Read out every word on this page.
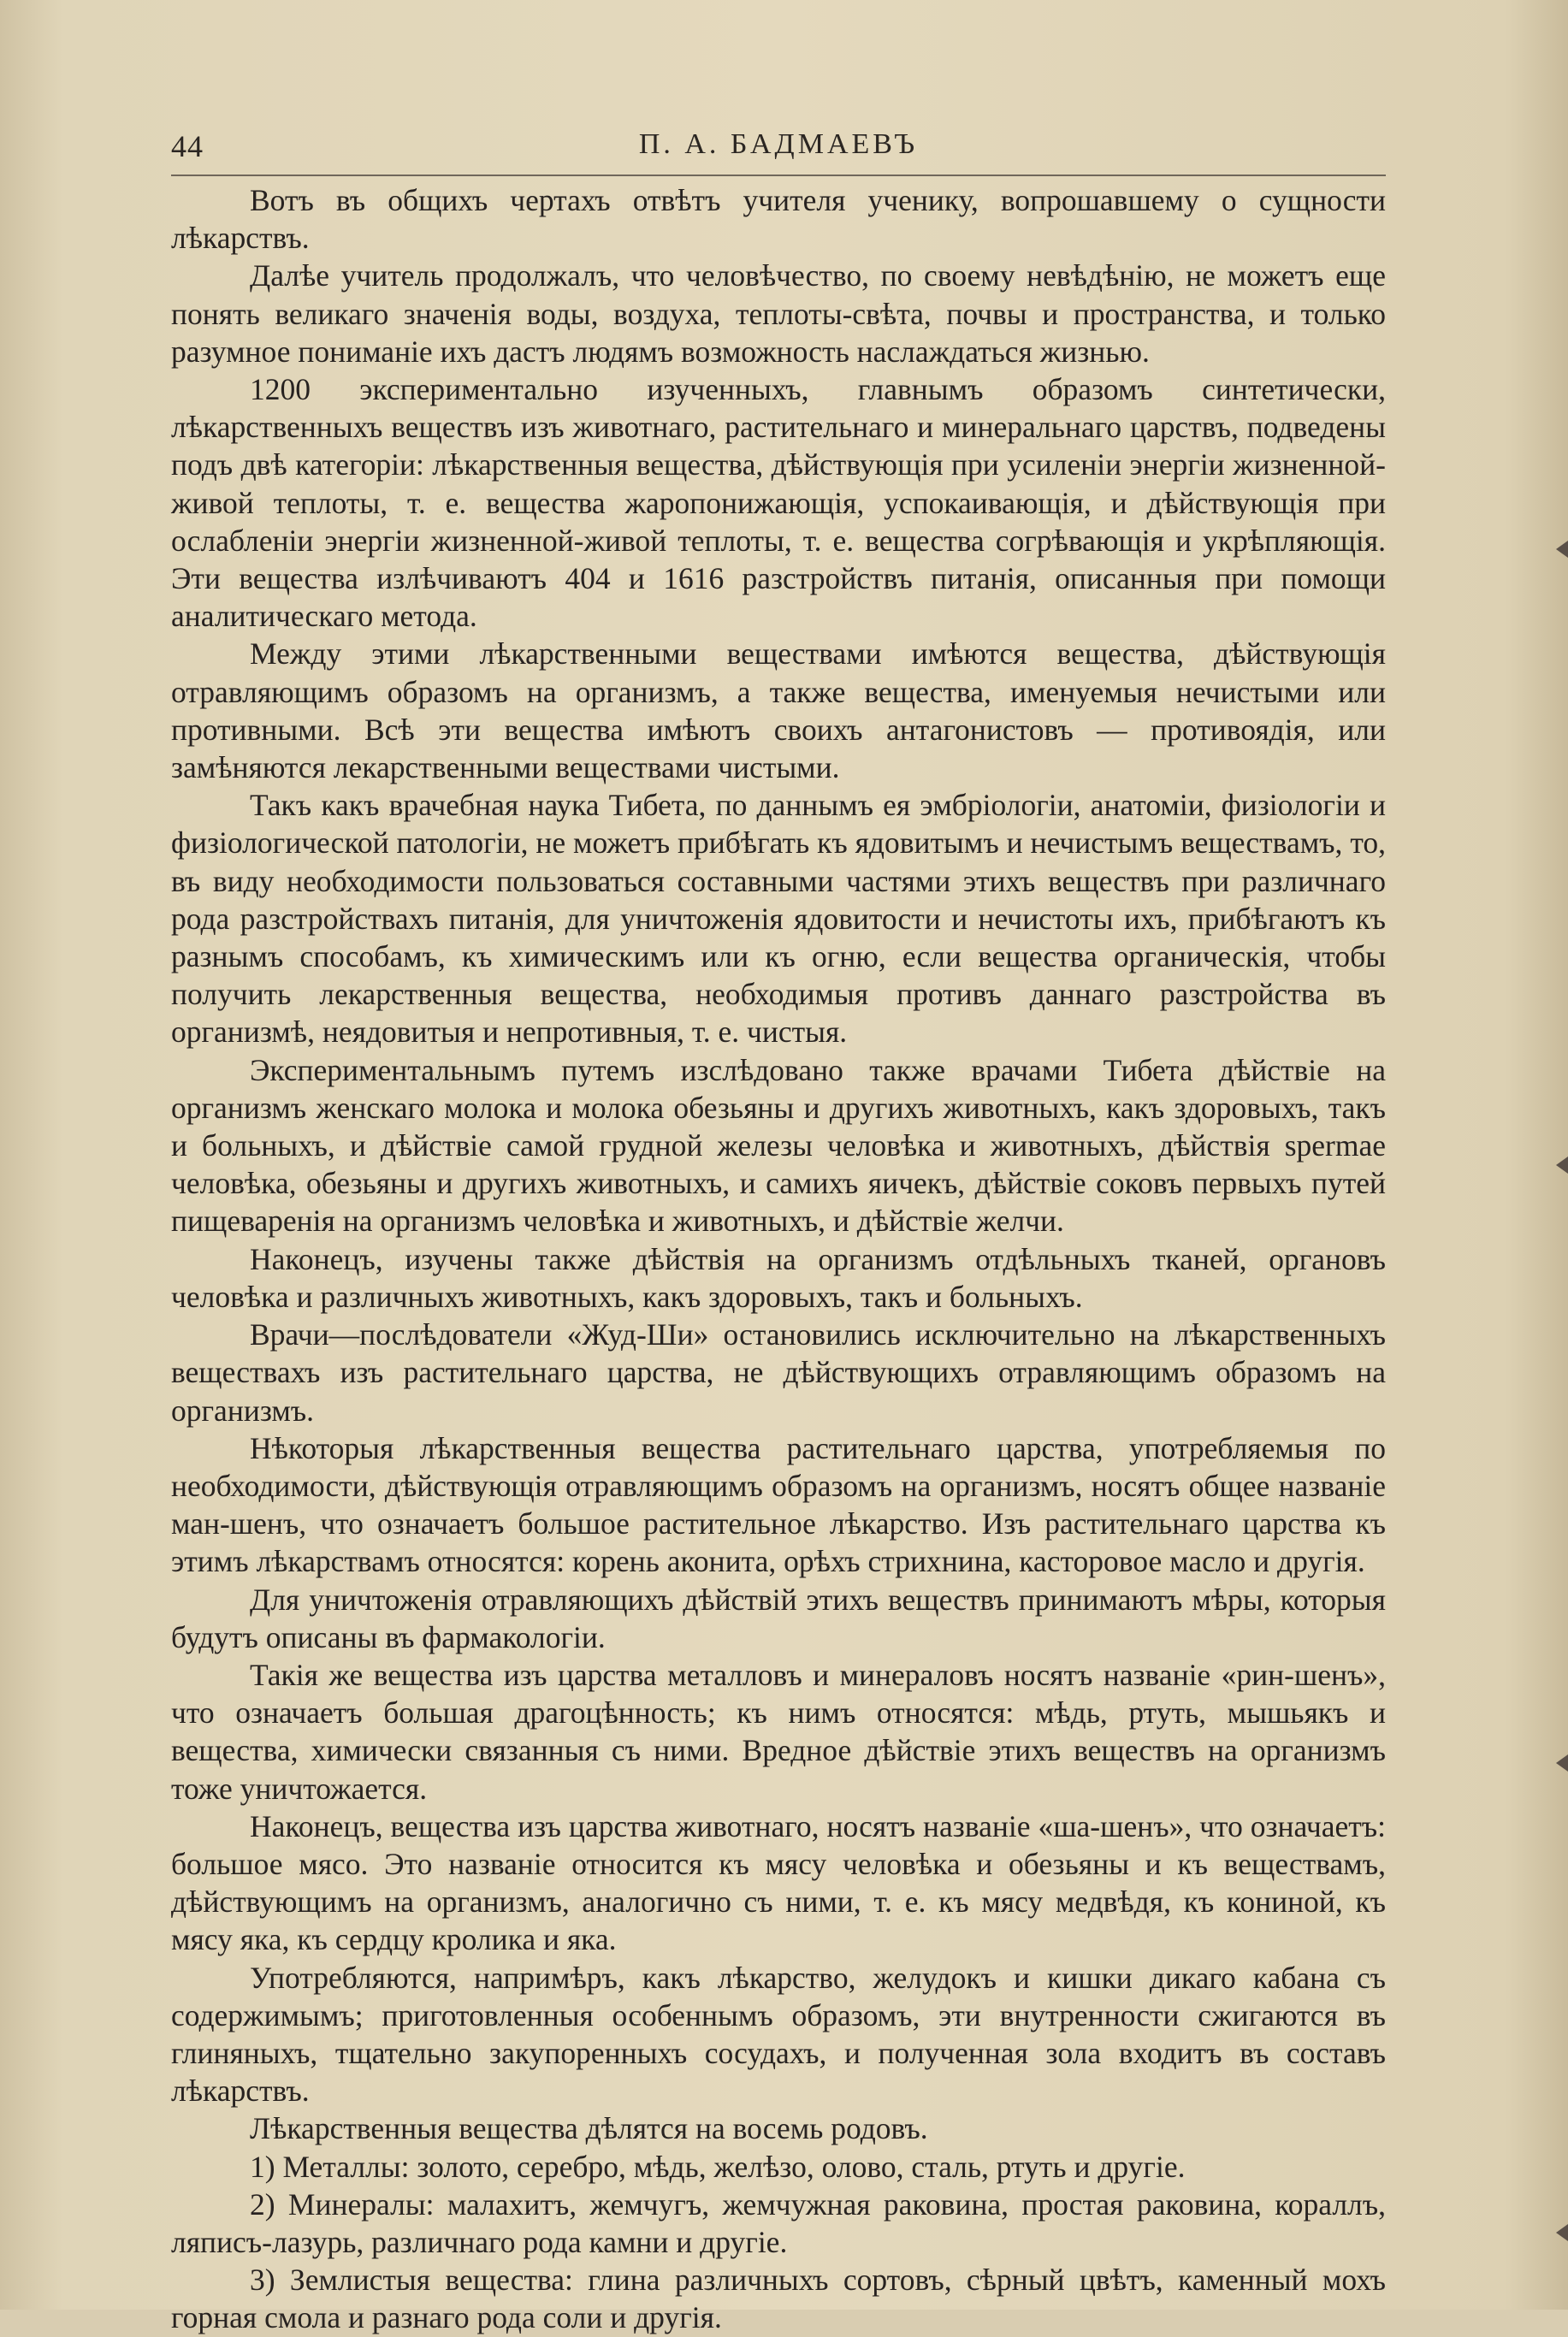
44	П. А. БАДМАЕВЪ

Вотъ въ общихъ чертахъ отвѣтъ учителя ученику, вопрошавшему о сущности лѣкарствъ.

Далѣе учитель продолжалъ, что человѣчество, по своему невѣдѣнію, не можетъ еще понять великаго значенія воды, воздуха, теплоты-свѣта, почвы и пространства, и только разумное пониманіе ихъ дастъ людямъ возможность наслаждаться жизнью.

1200 экспериментально изученныхъ, главнымъ образомъ синтетически, лѣкарственныхъ веществъ изъ животнаго, растительнаго и минеральнаго царствъ, подведены подъ двѣ категоріи: лѣкарственныя вещества, дѣйствующія при усиленіи энергіи жизненной-живой теплоты, т. е. вещества жаропонижающія, успокаивающія, и дѣйствующія при ослабленіи энергіи жизненной-живой теплоты, т. е. вещества согрѣвающія и укрѣпляющія. Эти вещества излѣчиваютъ 404 и 1616 разстройствъ питанія, описанныя при помощи аналитическаго метода.

Между этими лѣкарственными веществами имѣются вещества, дѣйствующія отравляющимъ образомъ на организмъ, а также вещества, именуемыя нечистыми или противными. Всѣ эти вещества имѣютъ своихъ антагонистовъ — противоядія, или замѣняются лекарственными веществами чистыми.

Такъ какъ врачебная наука Тибета, по даннымъ ея эмбріологіи, анатоміи, физіологіи и физіологической патологіи, не можетъ прибѣгать къ ядовитымъ и нечистымъ веществамъ, то, въ виду необходимости пользоваться составными частями этихъ веществъ при различнаго рода разстройствахъ питанія, для уничтоженія ядовитости и нечистоты ихъ, прибѣгаютъ къ разнымъ способамъ, къ химическимъ или къ огню, если вещества органическія, чтобы получить лекарственныя вещества, необходимыя противъ даннаго разстройства въ организмѣ, неядовитыя и непротивныя, т. е. чистыя.

Экспериментальнымъ путемъ изслѣдовано также врачами Тибета дѣйствіе на организмъ женскаго молока и молока обезьяны и другихъ животныхъ, какъ здоровыхъ, такъ и больныхъ, и дѣйствіе самой грудной железы человѣка и животныхъ, дѣйствія spermae человѣка, обезьяны и другихъ животныхъ, и самихъ яичекъ, дѣйствіе соковъ первыхъ путей пищеваренія на организмъ человѣка и животныхъ, и дѣйствіе желчи.

Наконецъ, изучены также дѣйствія на организмъ отдѣльныхъ тканей, органовъ человѣка и различныхъ животныхъ, какъ здоровыхъ, такъ и больныхъ.

Врачи—послѣдователи «Жуд-Ши» остановились исключительно на лѣкарственныхъ веществахъ изъ растительнаго царства, не дѣйствующихъ отравляющимъ образомъ на организмъ.

Нѣкоторыя лѣкарственныя вещества растительнаго царства, употребляемыя по необходимости, дѣйствующія отравляющимъ образомъ на организмъ, носятъ общее названіе ман-шенъ, что означаетъ большое растительное лѣкарство. Изъ растительнаго царства къ этимъ лѣкарствамъ относятся: корень аконита, орѣхъ стрихнина, касторовое масло и другія.

Для уничтоженія отравляющихъ дѣйствій этихъ веществъ принимаютъ мѣры, которыя будутъ описаны въ фармакологіи.

Такія же вещества изъ царства металловъ и минераловъ носятъ названіе «рин-шенъ», что означаетъ большая драгоцѣнность; къ нимъ относятся: мѣдь, ртуть, мышьякъ и вещества, химически связанныя съ ними. Вредное дѣйствіе этихъ веществъ на организмъ тоже уничтожается.

Наконецъ, вещества изъ царства животнаго, носятъ названіе «ша-шенъ», что означаетъ: большое мясо. Это названіе относится къ мясу человѣка и обезьяны и къ веществамъ, дѣйствующимъ на организмъ, аналогично съ ними, т. е. къ мясу медвѣдя, къ кониной, къ мясу яка, къ сердцу кролика и яка.

Употребляются, напримѣръ, какъ лѣкарство, желудокъ и кишки дикаго кабана съ содержимымъ; приготовленныя особеннымъ образомъ, эти внутренности сжигаются въ глиняныхъ, тщательно закупоренныхъ сосудахъ, и полученная зола входитъ въ составъ лѣкарствъ.

Лѣкарственныя вещества дѣлятся на восемь родовъ.

1) Металлы: золото, серебро, мѣдь, желѣзо, олово, сталь, ртуть и другіе.

2) Минералы: малахитъ, жемчугъ, жемчужная раковина, простая раковина, кораллъ, ляписъ-лазурь, различнаго рода камни и другіе.

3) Землистыя вещества: глина различныхъ сортовъ, сѣрный цвѣтъ, каменный мохъ горная смола и разнаго рода соли и другія.
